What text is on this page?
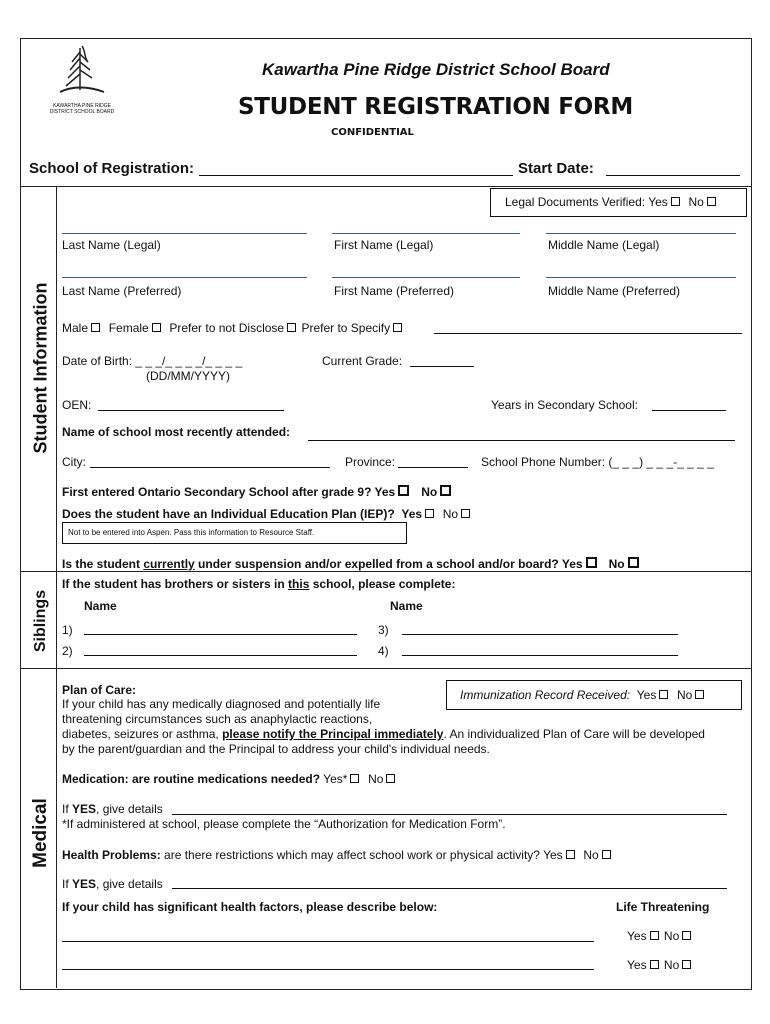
KAWARTHA PINE RIDGE
DISTRICT SCHOOL BOARD
Kawartha Pine Ridge District School Board
STUDENT REGISTRATION FORM
CONFIDENTIAL
School of Registration:	Start Date:
Student Information
Siblings
Medical
Legal Documents Verified: Yes No
Last Name (Legal)	First Name (Legal)	Middle Name (Legal)
Last Name (Preferred)	First Name (Preferred)	Middle Name (Preferred)
Male Female Prefer to not Disclose Prefer to Specify
Date of Birth: _ _ _/_ _ _ _/_ _ _ _
(DD/MM/YYYY)
Current Grade:
OEN:	Years in Secondary School:
Name of school most recently attended:
City:	Province:	School Phone Number: (_ _ _) _ _ _-_ _ _ _
First entered Ontario Secondary School after grade 9? Yes No
Does the student have an Individual Education Plan (IEP)? Yes No
Not to be entered into Aspen. Pass this information to Resource Staff.
Is the student currently under suspension and/or expelled from a school and/or board? Yes No
If the student has brothers or sisters in this school, please complete:
Name	Name
1)	3)
2)	4)
Plan of Care:
If your child has any medically diagnosed and potentially life
threatening circumstances such as anaphylactic reactions,
diabetes, seizures or asthma, please notify the Principal immediately. An individualized Plan of Care will be developed
by the parent/guardian and the Principal to address your child's individual needs.
Immunization Record Received: Yes No
Medication: are routine medications needed? Yes* No
If YES, give details
*If administered at school, please complete the “Authorization for Medication Form”.
Health Problems: are there restrictions which may affect school work or physical activity? Yes No
If YES, give details
If your child has significant health factors, please describe below:	Life Threatening
Yes No
Yes No
